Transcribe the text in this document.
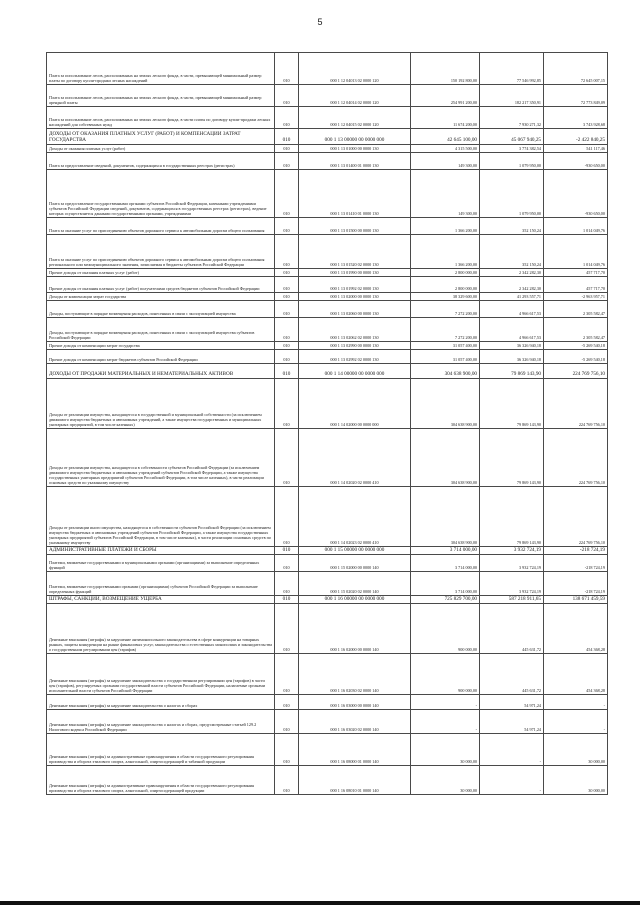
5
Плата за использование лесов, расположенных на землях лесного фонда, в части, превышающей минимальный размер платы по договору купли-продажи лесных насаждений	010	000 1 12 04013 02 0000 120	150 192 800,00	77 546 992,85	72 645 007,15
Плата за использование лесов, расположенных на землях лесного фонда, в части, превышающей минимальный размер арендной платы	010	000 1 12 04014 02 0000 120	254 991 200,00	182 217 350,91	72 773 849,09
Плата за использование лесов, расположенных на землях лесного фонда, в части платы по договору купли-продажи лесных насаждений для собственных нужд	010	000 1 12 04015 02 0000 120	11 674 200,00	7 930 271,32	3 743 928,68
ДОХОДЫ ОТ ОКАЗАНИЯ ПЛАТНЫХ УСЛУГ (РАБОТ) И КОМПЕНСАЦИИ ЗАТРАТ ГОСУДАРСТВА	010	000 1 13 00000 00 0000 000	42 645 100,00	45 067 940,25	-2 422 840,25
Доходы от оказания платных услуг (работ)	010	000 1 13 01000 00 0000 130	4 315 500,00	3 774 382,54	541 117,46
Плата за предоставление сведений, документов, содержащихся в государственных реестрах (регистрах)	010	000 1 13 01400 01 0000 130	149 300,00	1 079 950,00	-930 650,00
Плата за предоставление государственными органами субъектов Российской Федерации, казенными учреждениями субъектов Российской Федерации сведений, документов, содержащихся в государственных реестрах (регистрах), ведение которых осуществляется данными государственными органами, учреждениями	010	000 1 13 01410 01 0000 130	149 300,00	1 079 950,00	-930 650,00
Плата за оказание услуг по присоединению объектов дорожного сервиса к автомобильным дорогам общего пользования	010	000 1 13 01500 00 0000 130	1 366 200,00	352 150,24	1 014 049,76
Плата за оказание услуг по присоединению объектов дорожного сервиса к автомобильным дорогам общего пользования регионального или межмуниципального значения, зачисляемая в бюджеты субъектов Российской Федерации	010	000 1 13 01520 02 0000 130	1 366 200,00	352 150,24	1 014 049,76
Прочие доходы от оказания платных услуг (работ)	010	000 1 13 01990 00 0000 130	2 800 000,00	2 342 282,30	457 717,70
Прочие доходы от оказания платных услуг (работ) получателями средств бюджетов субъектов Российской Федерации	010	000 1 13 01992 02 0000 130	2 800 000,00	2 342 282,30	457 717,70
Доходы от компенсации затрат государства	010	000 1 13 02000 00 0000 130	38 329 600,00	41 293 557,71	-2 963 957,71
Доходы, поступающие в порядке возмещения расходов, понесенных в связи с эксплуатацией имущества	010	000 1 13 02060 00 0000 130	7 272 200,00	4 966 617,53	2 305 582,47
Доходы, поступающие в порядке возмещения расходов, понесенных в связи с эксплуатацией имущества субъектов Российской Федерации	010	000 1 13 02062 02 0000 130	7 272 200,00	4 966 617,53	2 305 582,47
Прочие доходы от компенсации затрат государства	010	000 1 13 02990 00 0000 130	31 057 400,00	36 326 940,18	-5 269 540,18
Прочие доходы от компенсации затрат бюджетов субъектов Российской Федерации	010	000 1 13 02992 02 0000 130	31 057 400,00	36 326 940,18	-5 269 540,18
ДОХОДЫ ОТ ПРОДАЖИ МАТЕРИАЛЬНЫХ И НЕМАТЕРИАЛЬНЫХ АКТИВОВ	010	000 1 14 00000 00 0000 000	304 638 900,00	79 869 143,90	224 769 756,10
Доходы от реализации имущества, находящегося в государственной и муниципальной собственности (за исключением движимого имущества бюджетных и автономных учреждений, а также имущества государственных и муниципальных унитарных предприятий, в том числе казенных)	010	000 1 14 02000 00 0000 000	304 638 900,00	79 869 143,90	224 769 756,10
Доходы от реализации имущества, находящегося в собственности субъектов Российской Федерации (за исключением движимого имущества бюджетных и автономных учреждений субъектов Российской Федерации, а также имущества государственных унитарных предприятий субъектов Российской Федерации, в том числе казенных), в части реализации основных средств по указанному имуществу	010	000 1 14 02020 02 0000 410	304 638 900,00	79 869 143,90	224 769 756,10
Доходы от реализации иного имущества, находящегося в собственности субъектов Российской Федерации (за исключением имущества бюджетных и автономных учреждений субъектов Российской Федерации, а также имущества государственных унитарных предприятий субъектов Российской Федерации, в том числе казенных), в части реализации основных средств по указанному имуществу	010	000 1 14 02023 02 0000 410	304 638 900,00	79 869 143,90	224 769 756,10
АДМИНИСТРАТИВНЫЕ ПЛАТЕЖИ И СБОРЫ	010	000 1 15 00000 00 0000 000	3 714 000,00	3 932 724,19	-218 724,19
Платежи, взимаемые государственными и муниципальными органами (организациями) за выполнение определенных функций	010	000 1 15 02000 00 0000 140	3 714 000,00	3 932 724,19	-218 724,19
Платежи, взимаемые государственными органами (организациями) субъектов Российской Федерации за выполнение определенных функций	010	000 1 15 02020 02 0000 140	3 714 000,00	3 932 724,19	-218 724,19
ШТРАФЫ, САНКЦИИ, ВОЗМЕЩЕНИЕ УЩЕРБА	010	000 1 16 00000 00 0000 000	725 829 700,00	587 218 911,65	138 671 459,59
Денежные взыскания (штрафы) за нарушение антимонопольного законодательства в сфере конкуренции на товарных рынках, защиты конкуренции на рынке финансовых услуг, законодательства о естественных монополиях и законодательства о государственном регулировании цен (тарифов)	010	000 1 16 02000 00 0000 140	900 000,00	445 631,72	454 368,28
Денежные взыскания (штрафы) за нарушение законодательства о государственном регулировании цен (тарифов) в части цен (тарифов), регулируемых органами государственной власти субъектов Российской Федерации, налагаемые органами исполнительной власти субъектов Российской Федерации	010	000 1 16 02030 02 0000 140	900 000,00	445 631,72	454 368,28
Денежные взыскания (штрафы) за нарушение законодательства о налогах и сборах	010	000 1 16 03000 00 0000 140	-	54 971,24	-
Денежные взыскания (штрафы) за нарушение законодательства о налогах и сборах, предусмотренные статьей 129.2 Налогового кодекса Российской Федерации	010	000 1 16 03020 02 0000 140	-	54 971,24	-
Денежные взыскания (штрафы) за административные правонарушения в области государственного регулирования производства и оборота этилового спирта, алкогольной, спиртосодержащей и табачной продукции	010	000 1 16 08000 01 0000 140	30 000,00	-	30 000,00
Денежные взыскания (штрафы) за административные правонарушения в области государственного регулирования производства и оборота этилового спирта, алкогольной, спиртосодержащей продукции	010	000 1 16 08010 01 0000 140	30 000,00	-	30 000,00
